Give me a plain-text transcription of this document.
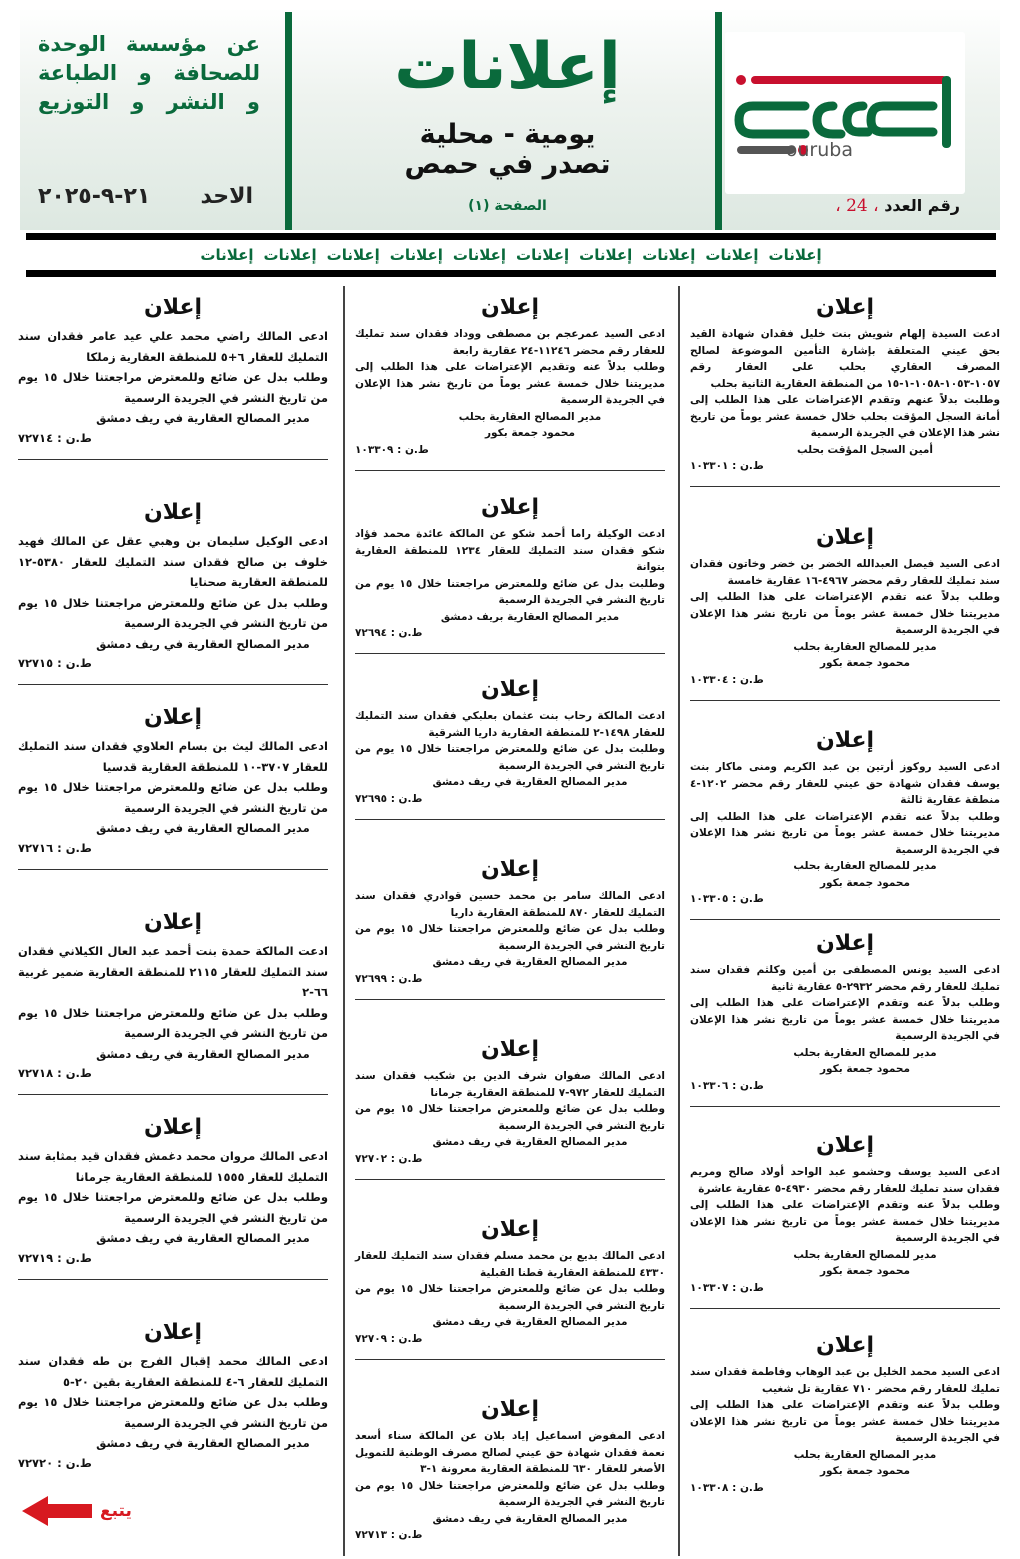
عن مؤسسة الوحدة
للصحافة و الطباعة
و النشر و التوزيع
الاحد
٢١-٩-٢٠٢٥
إعلانات
يومية - محلية
تصدر في حمص
الصفحة (١)
ouruba
رقم العدد ، 24 ،
إعلانات
إعلانات
إعلانات
إعلانات
إعلانات
إعلانات
إعلانات
إعلانات
إعلانات
إعلانات
إعلان
ادعت السيدة إلهام شويش بنت خليل فقدان شهادة القيد بحق عيني المتعلقة بإشارة التأمين الموضوعة لصالح المصرف العقاري بحلب على العقار رقم ١٠٥٧-١٠٥٣-١٠٥٨-١-١٥ من المنطقة العقارية الثانية بحلب
وطلبت بدلاً عنهم وتقدم الإعتراضات على هذا الطلب إلى أمانة السجل المؤقت بحلب خلال خمسة عشر يوماً من تاريخ نشر هذا الإعلان في الجريدة الرسمية
أمين السجل المؤقت بحلب
ط.ن : ١٠٣٣٠١
إعلان
ادعى السيد فيصل العبدالله الخضر بن خضر وخاتون فقدان سند تمليك للعقار رقم محضر ٤٩٦٧-١٦ عقارية خامسة
وطلب بدلاً عنه تقدم الإعتراضات على هذا الطلب إلى مديريتنا خلال خمسة عشر يوماً من تاريخ نشر هذا الإعلان في الجريدة الرسمية
مدير للمصالح العقارية بحلب
محمود جمعة بكور
ط.ن : ١٠٣٣٠٤
إعلان
ادعى السيد روكوز أرتين بن عبد الكريم ومنى ماكار بنت يوسف فقدان شهادة حق عيني للعقار رقم محضر ١٢٠٢-٤ منطقة عقارية ثالثة
وطلب بدلاً عنه تقدم الإعتراضات على هذا الطلب إلى مديريتنا خلال خمسة عشر يوماً من تاريخ نشر هذا الإعلان في الجريدة الرسمية
مدير للمصالح العقارية بحلب
محمود جمعة بكور
ط.ن : ١٠٣٣٠٥
إعلان
ادعى السيد يونس المصطفى بن أمين وكلثم فقدان سند تمليك للعقار رقم محضر ٢٩٣٢-٥ عقارية ثانية
وطلب بدلاً عنه وتقدم الإعتراضات على هذا الطلب إلى مديريتنا خلال خمسة عشر يوماً من تاريخ نشر هذا الإعلان في الجريدة الرسمية
مدير للمصالح العقارية بحلب
محمود جمعة بكور
ط.ن : ١٠٣٣٠٦
إعلان
ادعى السيد يوسف وحشمو عبد الواحد أولاد صالح ومريم فقدان سند تمليك للعقار رقم محضر ٤٩٣٠-٥ عقارية عاشرة
وطلب بدلاً عنه وتقدم الإعتراضات على هذا الطلب إلى مديريتنا خلال خمسة عشر يوماً من تاريخ نشر هذا الإعلان في الجريدة الرسمية
مدير للمصالح العقارية بحلب
محمود جمعة بكور
ط.ن : ١٠٣٣٠٧
إعلان
ادعى السيد محمد الخليل بن عبد الوهاب وفاطمة فقدان سند تمليك للعقار رقم محضر ٧١٠ عقارية تل شغيب
وطلب بدلاً عنه وتقدم الإعتراضات على هذا الطلب إلى مديريتنا خلال خمسة عشر يوماً من تاريخ نشر هذا الإعلان في الجريدة الرسمية
مدير المصالح العقارية بحلب
محمود جمعة بكور
ط.ن : ١٠٣٣٠٨
إعلان
ادعى السيد عمرعجم بن مصطفى ووداد فقدان سند تمليك للعقار رقم محضر ١١٢٤٦-٢٤ عقارية رابعة
وطلب بدلاً عنه وتقديم الإعتراضات على هذا الطلب إلى مديريتنا خلال خمسة عشر يوماً من تاريخ نشر هذا الإعلان في الجريدة الرسمية
مدير المصالح العقارية بحلب
محمود جمعة بكور
ط.ن : ١٠٣٣٠٩
إعلان
ادعت الوكيلة راما أحمد شكو عن المالكة عائدة محمد فؤاد شكو فقدان سند التمليك للعقار ١٢٣٤ للمنطقة العقارية بتوانة
وطلبت بدل عن ضائع وللمعترض مراجعتنا خلال ١٥ يوم من تاريخ النشر في الجريدة الرسمية
مدير المصالح العقارية بريف دمشق
ط.ن : ٧٢٦٩٤
إعلان
ادعت المالكة رحاب بنت عثمان بعلبكي فقدان سند التمليك للعقار ١٤٩٨-٢ للمنطقة العقارية داريا الشرقية
وطلبت بدل عن ضائع وللمعترض مراجعتنا خلال ١٥ يوم من تاريخ النشر في الجريدة الرسمية
مدير المصالح العقارية في ريف دمشق
ط.ن : ٧٢٦٩٥
إعلان
ادعى المالك سامر بن محمد حسين قوادري فقدان سند التمليك للعقار ٨٧٠ للمنطقة العقارية داريا
وطلب بدل عن ضائع وللمعترض مراجعتنا خلال ١٥ يوم من تاريخ النشر في الجريدة الرسمية
مدير المصالح العقارية في ريف دمشق
ط.ن : ٧٢٦٩٩
إعلان
ادعى المالك صفوان شرف الدين بن شكيب فقدان سند التمليك للعقار ٩٧٢-٧ للمنطقة العقارية جرمانا
وطلب بدل عن ضائع وللمعترض مراجعتنا خلال ١٥ يوم من تاريخ النشر في الجريدة الرسمية
مدير المصالح العقارية في ريف دمشق
ط.ن : ٧٢٧٠٢
إعلان
ادعى المالك بديع بن محمد مسلم فقدان سند التمليك للعقار ٤٣٣٠ للمنطقة العقارية قطنا القبلية
وطلب بدل عن ضائع وللمعترض مراجعتنا خلال ١٥ يوم من تاريخ النشر في الجريدة الرسمية
مدير المصالح العقارية في ريف دمشق
ط.ن : ٧٢٧٠٩
إعلان
ادعى المفوض اسماعيل إياد بلان عن المالكة سناء أسعد نعمة فقدان شهادة حق عيني لصالح مصرف الوطنية للتمويل الأصغر للعقار ٦٣٠ للمنطقة العقارية معرونة ١-٣
وطلب بدل عن ضائع وللمعترض مراجعتنا خلال ١٥ يوم من تاريخ النشر في الجريدة الرسمية
مدير المصالح العقارية في ريف دمشق
ط.ن : ٧٢٧١٣
إعلان
ادعى المالك راضي محمد علي عيد عامر فقدان سند التمليك للعقار ٦+٥ للمنطقة العقارية زملكا
وطلب بدل عن ضائع وللمعترض مراجعتنا خلال ١٥ يوم من تاريخ النشر في الجريدة الرسمية
مدير المصالح العقارية في ريف دمشق
ط.ن : ٧٢٧١٤
إعلان
ادعى الوكيل سليمان بن وهبي عقل عن المالك فهيد خلوف بن صالح فقدان سند التمليك للعقار ٥٣٨٠-١٢ للمنطقة العقارية صحنايا
وطلب بدل عن ضائع وللمعترض مراجعتنا خلال ١٥ يوم من تاريخ النشر في الجريدة الرسمية
مدير المصالح العقارية في ريف دمشق
ط.ن : ٧٢٧١٥
إعلان
ادعى المالك ليث بن بسام العلاوي فقدان سند التمليك للعقار ٣٧٠٧-١٠ للمنطقة العقارية قدسيا
وطلب بدل عن ضائع وللمعترض مراجعتنا خلال ١٥ يوم من تاريخ النشر في الجريدة الرسمية
مدير المصالح العقارية في ريف دمشق
ط.ن : ٧٢٧١٦
إعلان
ادعت المالكة حمدة بنت أحمد عبد العال الكيلاني فقدان سند التمليك للعقار ٢١١٥ للمنطقة العقارية ضمير غربية ٦٦-٢
وطلب بدل عن ضائع وللمعترض مراجعتنا خلال ١٥ يوم من تاريخ النشر في الجريدة الرسمية
مدير المصالح العقارية في ريف دمشق
ط.ن : ٧٢٧١٨
إعلان
ادعى المالك مروان محمد دغمش فقدان قيد بمثابة سند التمليك للعقار ١٥٥٥ للمنطقة العقارية جرمانا
وطلب بدل عن ضائع وللمعترض مراجعتنا خلال ١٥ يوم من تاريخ النشر في الجريدة الرسمية
مدير المصالح العقارية في ريف دمشق
ط.ن : ٧٢٧١٩
إعلان
ادعى المالك محمد إقبال الفرج بن طه فقدان سند التمليك للعقار ٦-٤ للمنطقة العقارية بقين ٢٠-٥
وطلب بدل عن ضائع وللمعترض مراجعتنا خلال ١٥ يوم من تاريخ النشر في الجريدة الرسمية
مدير المصالح العقارية في ريف دمشق
ط.ن : ٧٢٧٢٠
يتبع
